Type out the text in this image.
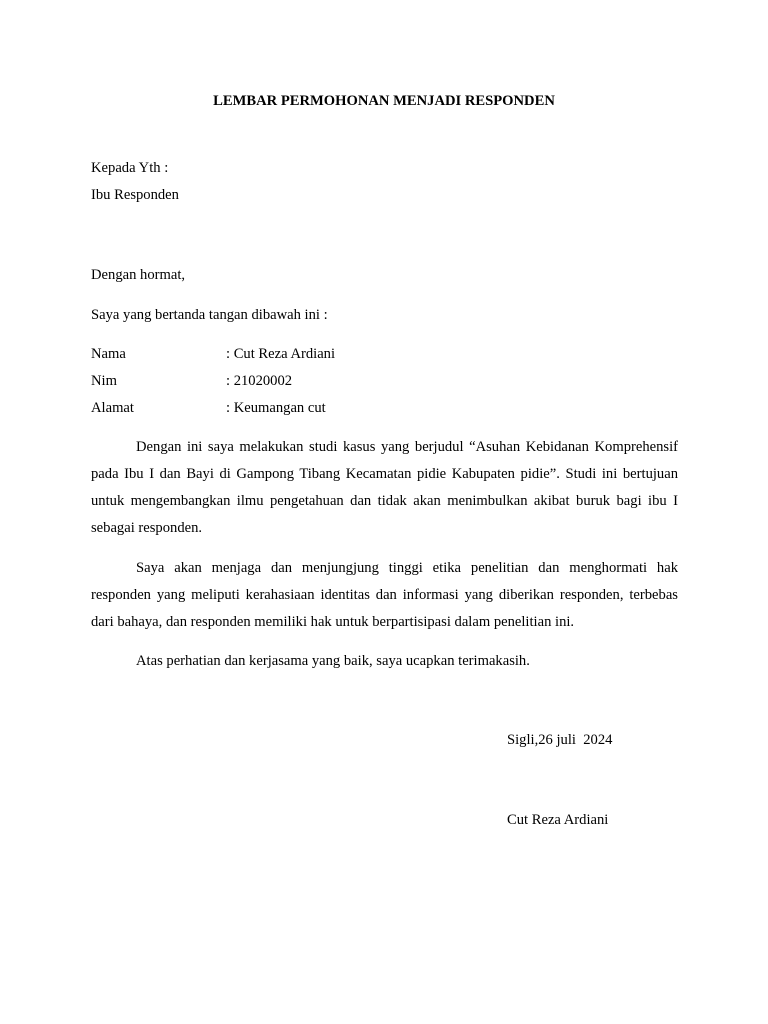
LEMBAR PERMOHONAN MENJADI RESPONDEN
Kepada Yth :
Ibu Responden
Dengan hormat,
Saya yang bertanda tangan dibawah ini :
Nama	: Cut Reza Ardiani
Nim	: 21020002
Alamat	: Keumangan cut
Dengan ini saya melakukan studi kasus yang berjudul “Asuhan Kebidanan Komprehensif pada Ibu I dan Bayi di Gampong Tibang Kecamatan pidie Kabupaten pidie”. Studi ini bertujuan untuk mengembangkan ilmu pengetahuan dan tidak akan menimbulkan akibat buruk bagi ibu I sebagai responden.
Saya akan menjaga dan menjungjung tinggi etika penelitian dan menghormati hak responden yang meliputi kerahasiaan identitas dan informasi yang diberikan responden, terbebas dari bahaya, dan responden memiliki hak untuk berpartisipasi dalam penelitian ini.
Atas perhatian dan kerjasama yang baik, saya ucapkan terimakasih.
Sigli,26 juli  2024
Cut Reza Ardiani
